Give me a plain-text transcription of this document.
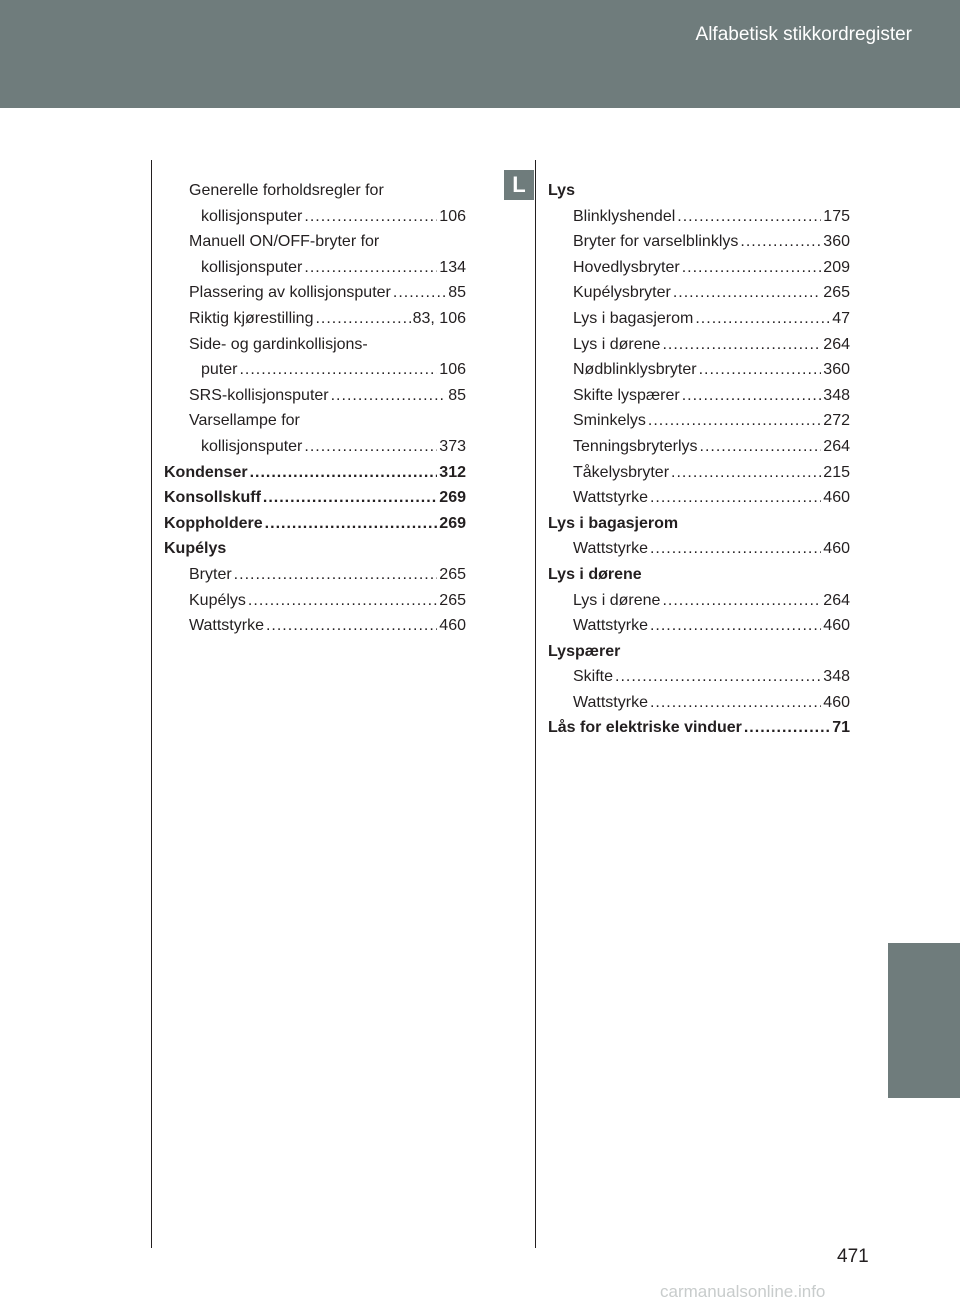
Alfabetisk stikkordregister
Generelle forholdsregler for
kollisjonsputer .....	106
Manuell ON/OFF-bryter for
kollisjonsputer .....	134
Plassering av kollisjonsputer .....	85
Riktig kjørestilling .....	83, 106
Side- og gardinkollisjons-
puter .....	106
SRS-kollisjonsputer .....	85
Varsellampe for
kollisjonsputer .....	373
Kondenser .....	312
Konsollskuff .....	269
Koppholdere .....	269
Kupélys
Bryter .....	265
Kupélys .....	265
Wattstyrke .....	460
L	Lys
Blinklyshendel .....	175
Bryter for varselblinklys .....	360
Hovedlysbryter .....	209
Kupélysbryter .....	265
Lys i bagasjerom .....	47
Lys i dørene .....	264
Nødblinklysbryter .....	360
Skifte lyspærer .....	348
Sminkelys .....	272
Tenningsbryterlys .....	264
Tåkelysbryter .....	215
Wattstyrke .....	460
Lys i bagasjerom
Wattstyrke .....	460
Lys i dørene
Lys i dørene .....	264
Wattstyrke .....	460
Lyspærer
Skifte .....	348
Wattstyrke .....	460
Lås for elektriske vinduer .....	71
471
carmanualsonline.info
